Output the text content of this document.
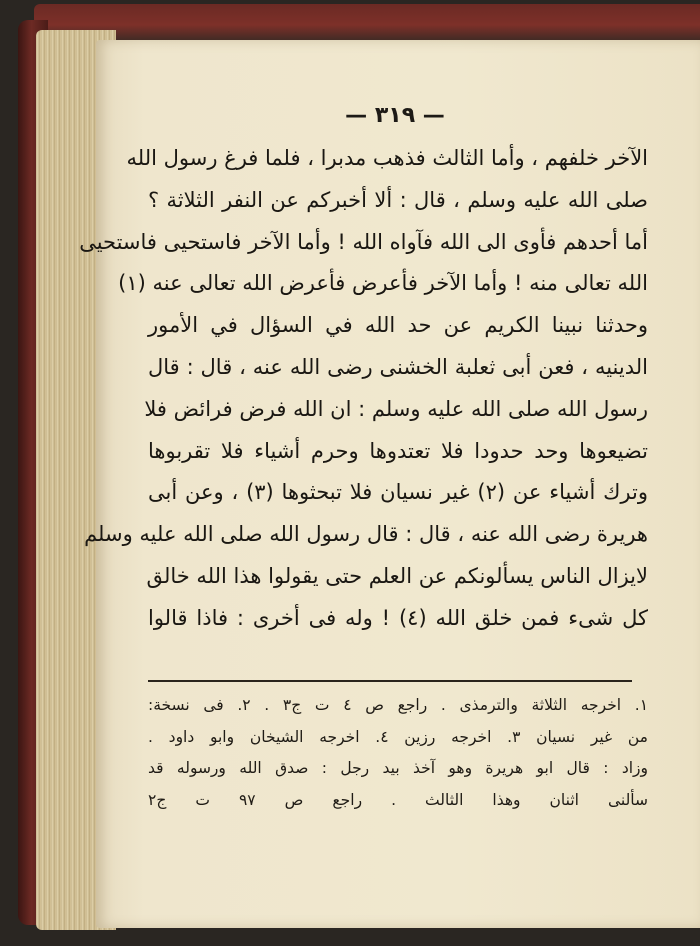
— ٣١٩ —
الآخر خلفهم ، وأما الثالث فذهب مدبرا ، فلما فرغ رسول الله
صلى الله عليه وسلم ، قال : ألا أخبركم عن النفر الثلاثة ؟
أما أحدهم فأوى الى الله فآواه الله ! وأما الآخر فاستحيى فاستحيى
الله تعالى منه ! وأما الآخر فأعرض فأعرض الله تعالى عنه (١)
وحدثنا نبينا الكريم عن حد الله في السؤال في الأمور
الدينيه ، فعن أبى ثعلبة الخشنى رضى الله عنه ، قال : قال
رسول الله صلى الله عليه وسلم : ان الله فرض فرائض فلا
تضيعوها وحد حدودا فلا تعتدوها وحرم أشياء فلا تقربوها
وترك أشياء عن (٢) غير نسيان فلا تبحثوها (٣) ، وعن أبى
هريرة رضى الله عنه ، قال : قال رسول الله صلى الله عليه وسلم
لايزال الناس يسألونكم عن العلم حتى يقولوا هذا الله خالق
كل شىء فمن خلق الله (٤) ! وله فى أخرى : فاذا قالوا
١. اخرجه الثلاثة والترمذى . راجع ص ٤ ت ج٣ . ٢. فى نسخة:
من غير نسيان ٣. اخرجه رزين ٤. اخرجه الشيخان وابو داود .
وزاد : قال ابو هريرة وهو آخذ بيد رجل : صدق الله ورسوله قد
سألنى اثنان وهذا الثالث . راجع ص ٩٧ ت ج٢
